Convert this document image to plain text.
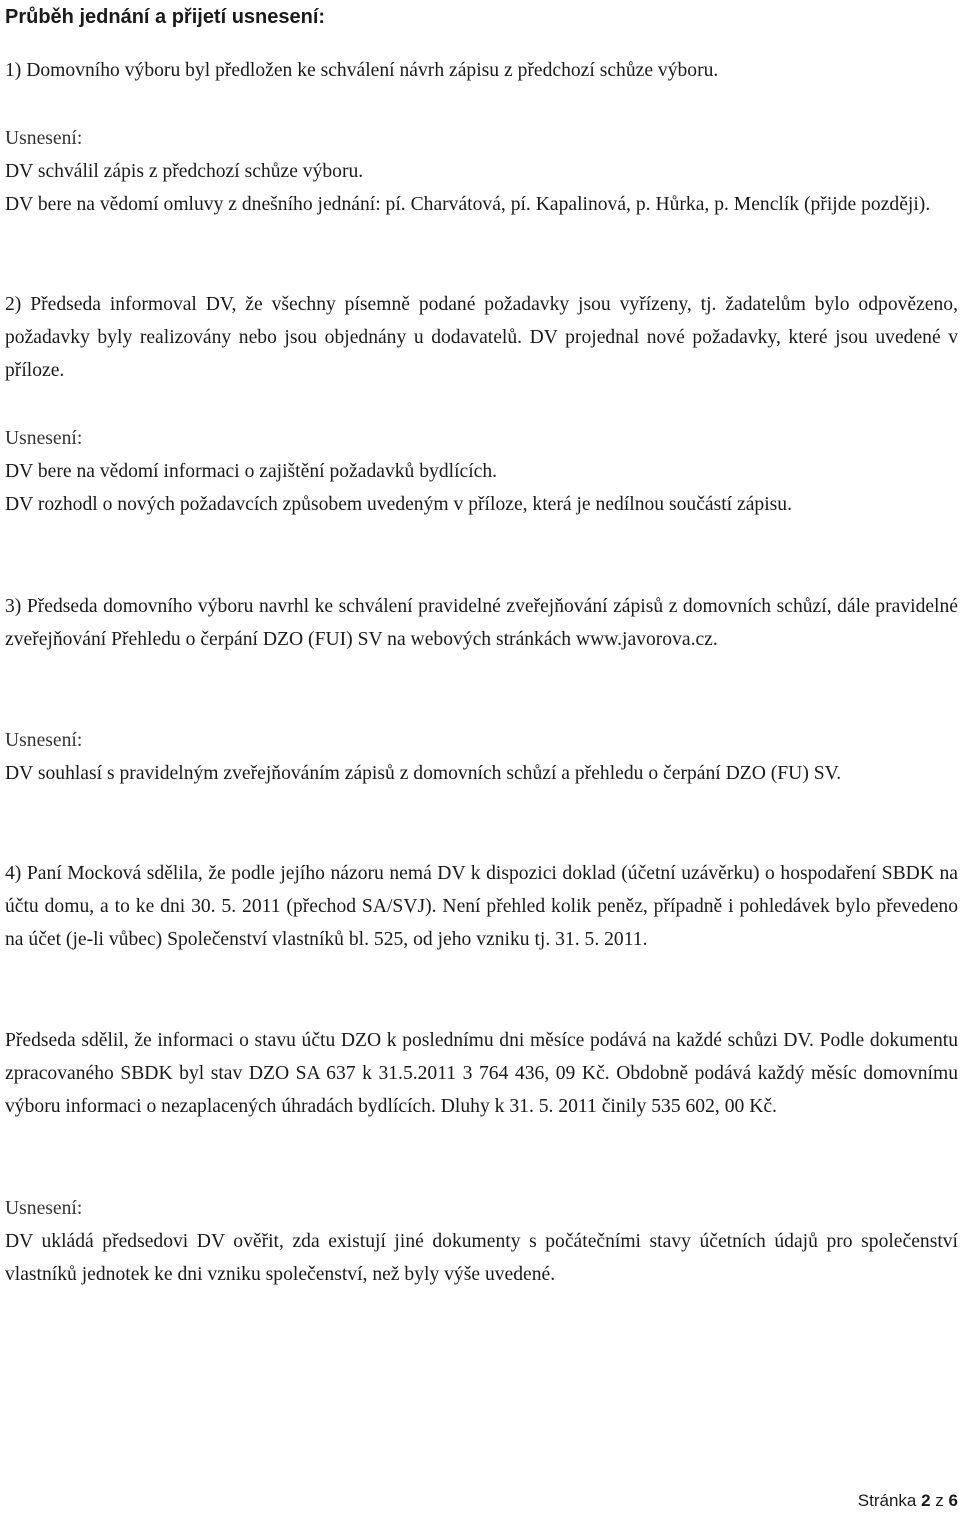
Průběh jednání a přijetí usnesení:

1) Domovního výboru byl předložen ke schválení návrh zápisu z předchozí schůze výboru.

Usnesení:

DV schválil zápis z předchozí schůze výboru.

DV bere na vědomí omluvy z dnešního jednání: pí. Charvátová, pí. Kapalinová, p. Hůrka, p. Menclík (přijde později).

2) Předseda informoval DV, že všechny písemně podané požadavky jsou vyřízeny, tj. žadatelům bylo odpovězeno, požadavky byly realizovány nebo jsou objednány u dodavatelů. DV projednal nové požadavky, které jsou uvedené v příloze.

Usnesení:

DV bere na vědomí informaci o zajištění požadavků bydlících.

DV rozhodl o nových požadavcích způsobem uvedeným v příloze, která je nedílnou součástí zápisu.

3) Předseda domovního výboru navrhl ke schválení pravidelné zveřejňování zápisů z domovních schůzí, dále pravidelné zveřejňování Přehledu o čerpání DZO (FUI) SV na webových stránkách www.javorova.cz.

Usnesení:

DV souhlasí s pravidelným zveřejňováním zápisů z domovních schůzí a přehledu o čerpání DZO (FU) SV.

4) Paní Mocková sdělila, že podle jejího názoru nemá DV k dispozici doklad (účetní uzávěrku) o hospodaření SBDK na účtu domu, a to ke dni 30. 5. 2011 (přechod SA/SVJ). Není přehled kolik peněz, případně i pohledávek bylo převedeno na účet (je-li vůbec) Společenství vlastníků bl. 525, od jeho vzniku tj. 31. 5. 2011.

Předseda sdělil, že informaci o stavu účtu DZO k poslednímu dni měsíce podává na každé schůzi DV. Podle dokumentu zpracovaného SBDK byl stav DZO SA 637 k 31.5.2011 3 764 436, 09 Kč. Obdobně podává každý měsíc domovnímu výboru informaci o nezaplacených úhradách bydlících. Dluhy k 31. 5. 2011 činily 535 602, 00 Kč.

Usnesení:

DV ukládá předsedovi DV ověřit, zda existují jiné dokumenty s počátečními stavy účetních údajů pro společenství vlastníků jednotek ke dni vzniku společenství, než byly výše uvedené.

Stránka 2 z 6
